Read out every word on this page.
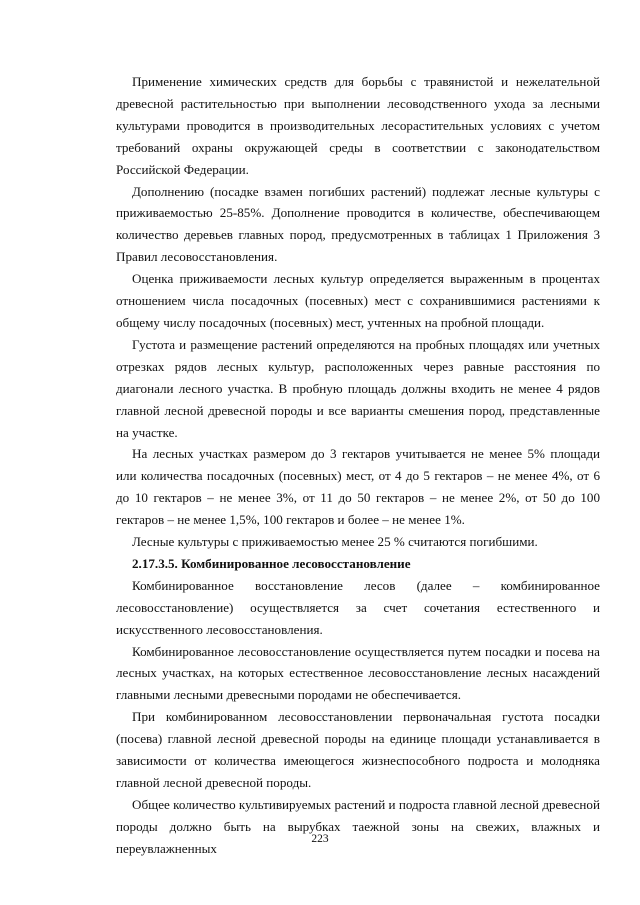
Применение химических средств для борьбы с травянистой и нежелательной древесной растительностью при выполнении лесоводственного ухода за лесными культурами проводится в производительных лесорастительных условиях с учетом требований охраны окружающей среды в соответствии с законодательством Российской Федерации.

Дополнению (посадке взамен погибших растений) подлежат лесные культуры с приживаемостью 25-85%. Дополнение проводится в количестве, обеспечивающем количество деревьев главных пород, предусмотренных в таблицах 1 Приложения 3 Правил лесовосстановления.

Оценка приживаемости лесных культур определяется выраженным в процентах отношением числа посадочных (посевных) мест с сохранившимися растениями к общему числу посадочных (посевных) мест, учтенных на пробной площади.

Густота и размещение растений определяются на пробных площадях или учетных отрезках рядов лесных культур, расположенных через равные расстояния по диагонали лесного участка. В пробную площадь должны входить не менее 4 рядов главной лесной древесной породы и все варианты смешения пород, представленные на участке.

На лесных участках размером до 3 гектаров учитывается не менее 5% площади или количества посадочных (посевных) мест, от 4 до 5 гектаров – не менее 4%, от 6 до 10 гектаров – не менее 3%, от 11 до 50 гектаров – не менее 2%, от 50 до 100 гектаров – не менее 1,5%, 100 гектаров и более – не менее 1%.

Лесные культуры с приживаемостью менее 25 % считаются погибшими.

2.17.3.5. Комбинированное лесовосстановление

Комбинированное восстановление лесов (далее – комбинированное лесовосстановление) осуществляется за счет сочетания естественного и искусственного лесовосстановления.

Комбинированное лесовосстановление осуществляется путем посадки и посева на лесных участках, на которых естественное лесовосстановление лесных насаждений главными лесными древесными породами не обеспечивается.

При комбинированном лесовосстановлении первоначальная густота посадки (посева) главной лесной древесной породы на единице площади устанавливается в зависимости от количества имеющегося жизнеспособного подроста и молодняка главной лесной древесной породы.

Общее количество культивируемых растений и подроста главной лесной древесной породы должно быть на вырубках таежной зоны на свежих, влажных и переувлажненных

223
